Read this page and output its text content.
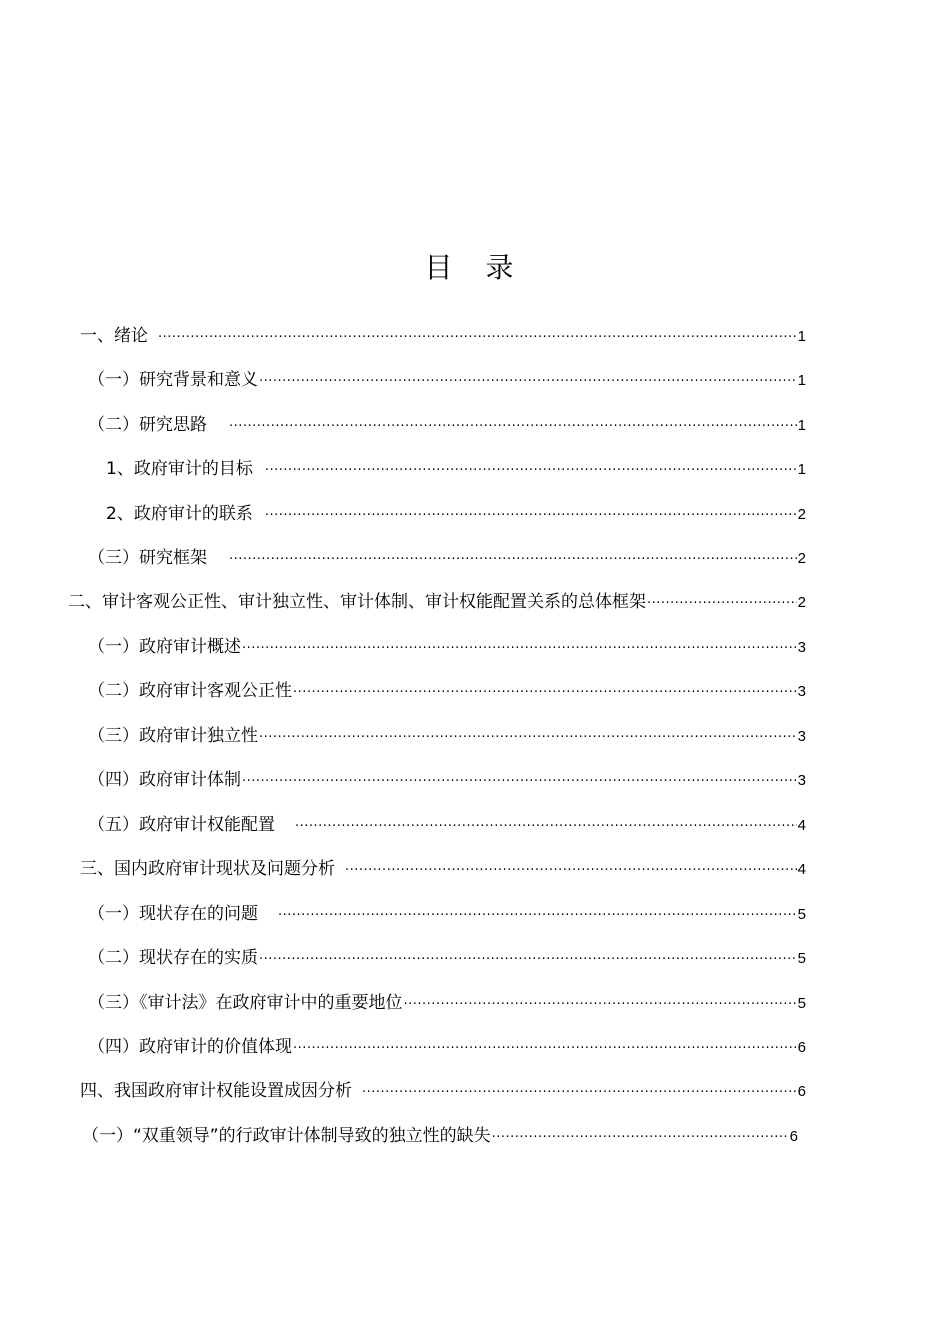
目 录
一、绪论 ·····	1
（一）研究背景和意义 ·····	1
（二）研究思路 ·····	1
1、政府审计的目标 ·····	1
2、政府审计的联系 ·····	2
（三）研究框架 ·····	2
二、审计客观公正性、审计独立性、审计体制、审计权能配置关系的总体框架 ·····	2
（一）政府审计概述 ·····	3
（二）政府审计客观公正性 ·····	3
（三）政府审计独立性 ·····	3
（四）政府审计体制 ·····	3
（五）政府审计权能配置 ·····	4
三、国内政府审计现状及问题分析 ·····	4
（一）现状存在的问题 ·····	5
（二）现状存在的实质 ·····	5
（三）《审计法》在政府审计中的重要地位 ·····	5
（四）政府审计的价值体现 ·····	6
四、我国政府审计权能设置成因分析 ·····	6
（一）“双重领导”的行政审计体制导致的独立性的缺失 ·····	6
